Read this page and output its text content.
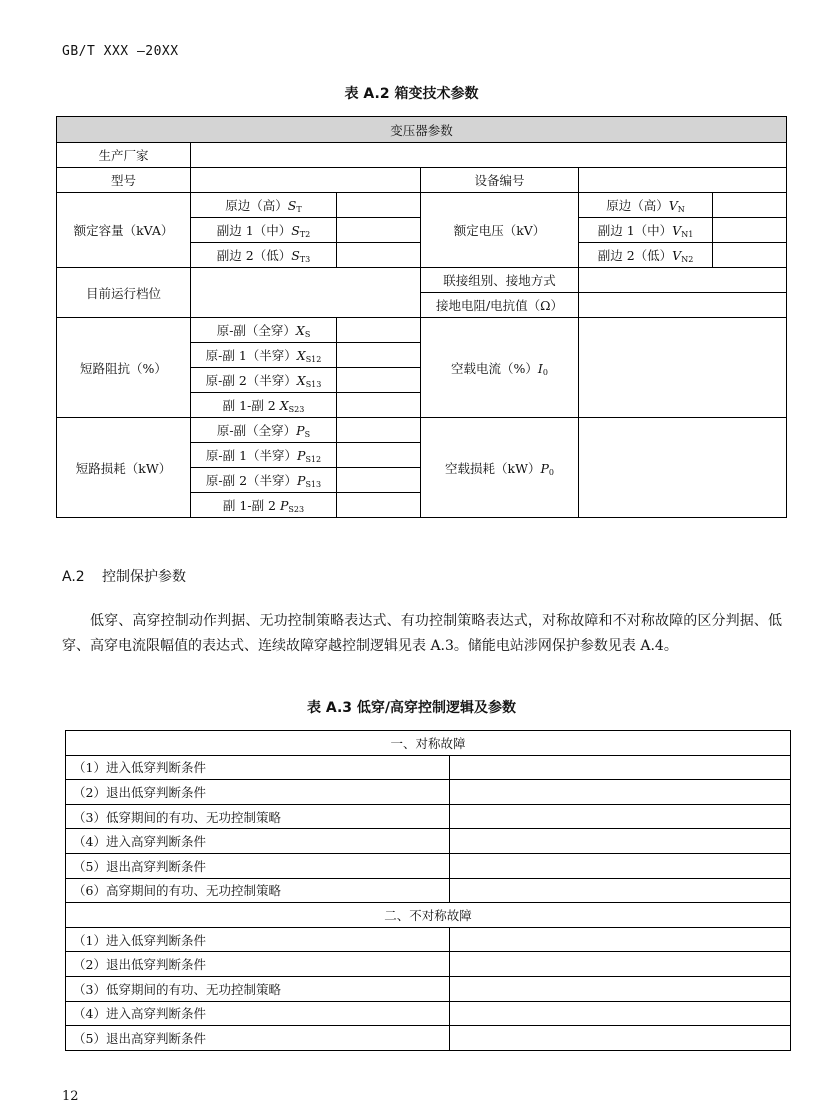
GB/T XXX —20XX
表 A.2 箱变技术参数
变压器参数					
生产厂家					
型号			设备编号		
额定容量（kVA）	原边（高）$S_T$		额定电压（kV）	原边（高）$V_N$	
	副边 1（中）$S_{T2}$			副边 1（中）$V_{N1}$	
	副边 2（低）$S_{T3}$			副边 2（低）$V_{N2}$	
目前运行档位			联接组别、接地方式		
			接地电阻/电抗值（Ω）		
短路阻抗（%）	原-副（全穿）$X_S$		空载电流$(\%)I_0$	
	原-副 1（半穿）$X_{S12}$	
	原-副 2（半穿）$X_{S13}$	
	副 1-副 2 $X_{S23}$	
短路损耗（kW）	原-副（全穿）$P_S$		空载损耗$(kW)P_0$	
	原-副 1（半穿）$P_{S12}$	
	原-副 2（半穿）$P_{S13}$	
	副 1-副 2 $P_{S23}$	
A.2 控制保护参数
低穿、高穿控制动作判据、无功控制策略表达式、有功控制策略表达式，对称故障和不对称故障的区分判据、低穿、高穿电流限幅值的表达式、连续故障穿越控制逻辑见表 A.3。储能电站涉网保护参数见表 A.4。
表 A.3 低穿/高穿控制逻辑及参数
一、对称故障	
（1）进入低穿判断条件	
（2）退出低穿判断条件	
（3）低穿期间的有功、无功控制策略	
（4）进入高穿判断条件	
（5）退出高穿判断条件	
（6）高穿期间的有功、无功控制策略	
二、不对称故障	
（1）进入低穿判断条件	
（2）退出低穿判断条件	
（3）低穿期间的有功、无功控制策略	
（4）进入高穿判断条件	
（5）退出高穿判断条件	
12
